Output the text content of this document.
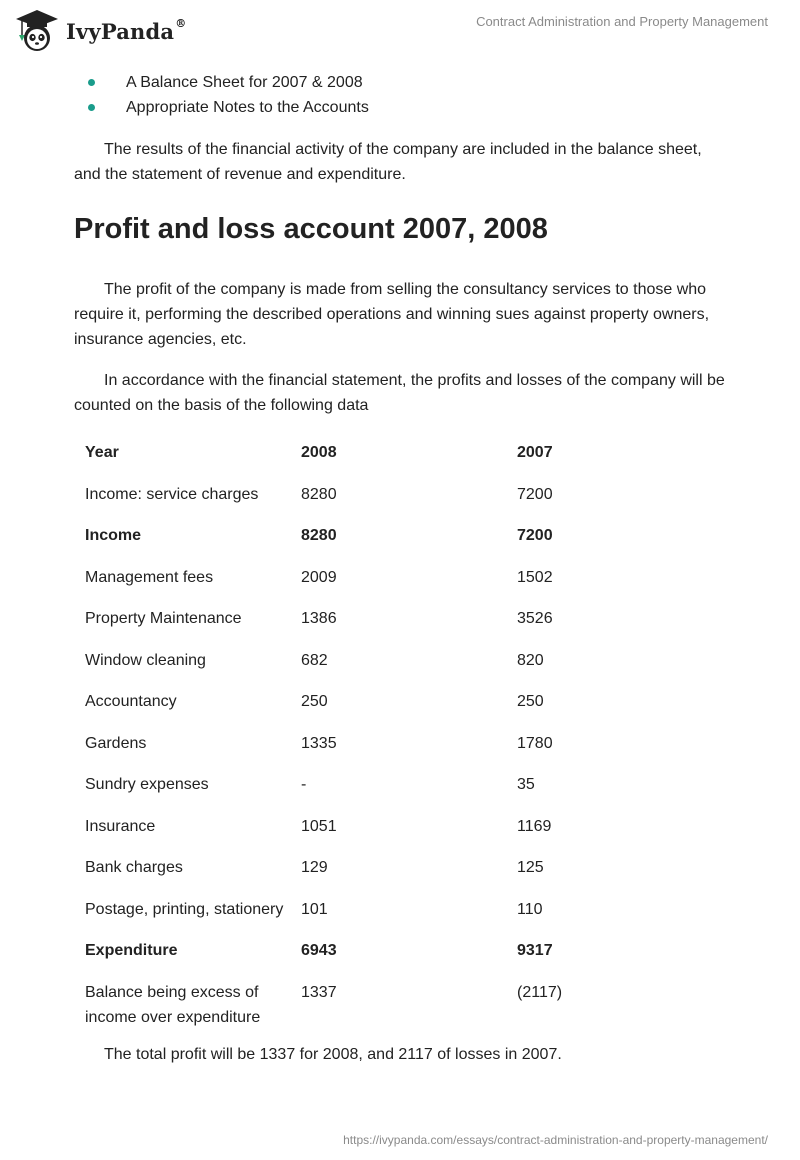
IvyPanda®	Contract Administration and Property Management
A Balance Sheet for 2007 & 2008
Appropriate Notes to the Accounts

The results of the financial activity of the company are included in the balance sheet, and the statement of revenue and expenditure.

Profit and loss account 2007, 2008

The profit of the company is made from selling the consultancy services to those who require it, performing the described operations and winning sues against property owners, insurance agencies, etc.

In accordance with the financial statement, the profits and losses of the company will be counted on the basis of the following data

Year	2008	2007
Income: service charges	8280	7200
Income	8280	7200
Management fees	2009	1502
Property Maintenance	1386	3526
Window cleaning	682	820
Accountancy	250	250
Gardens	1335	1780
Sundry expenses	-	35
Insurance	1051	1169
Bank charges	129	125
Postage, printing, stationery	101	110
Expenditure	6943	9317
Balance being excess of income over expenditure	1337	(2117)

The total profit will be 1337 for 2008, and 2117 of losses in 2007.

https://ivypanda.com/essays/contract-administration-and-property-management/
